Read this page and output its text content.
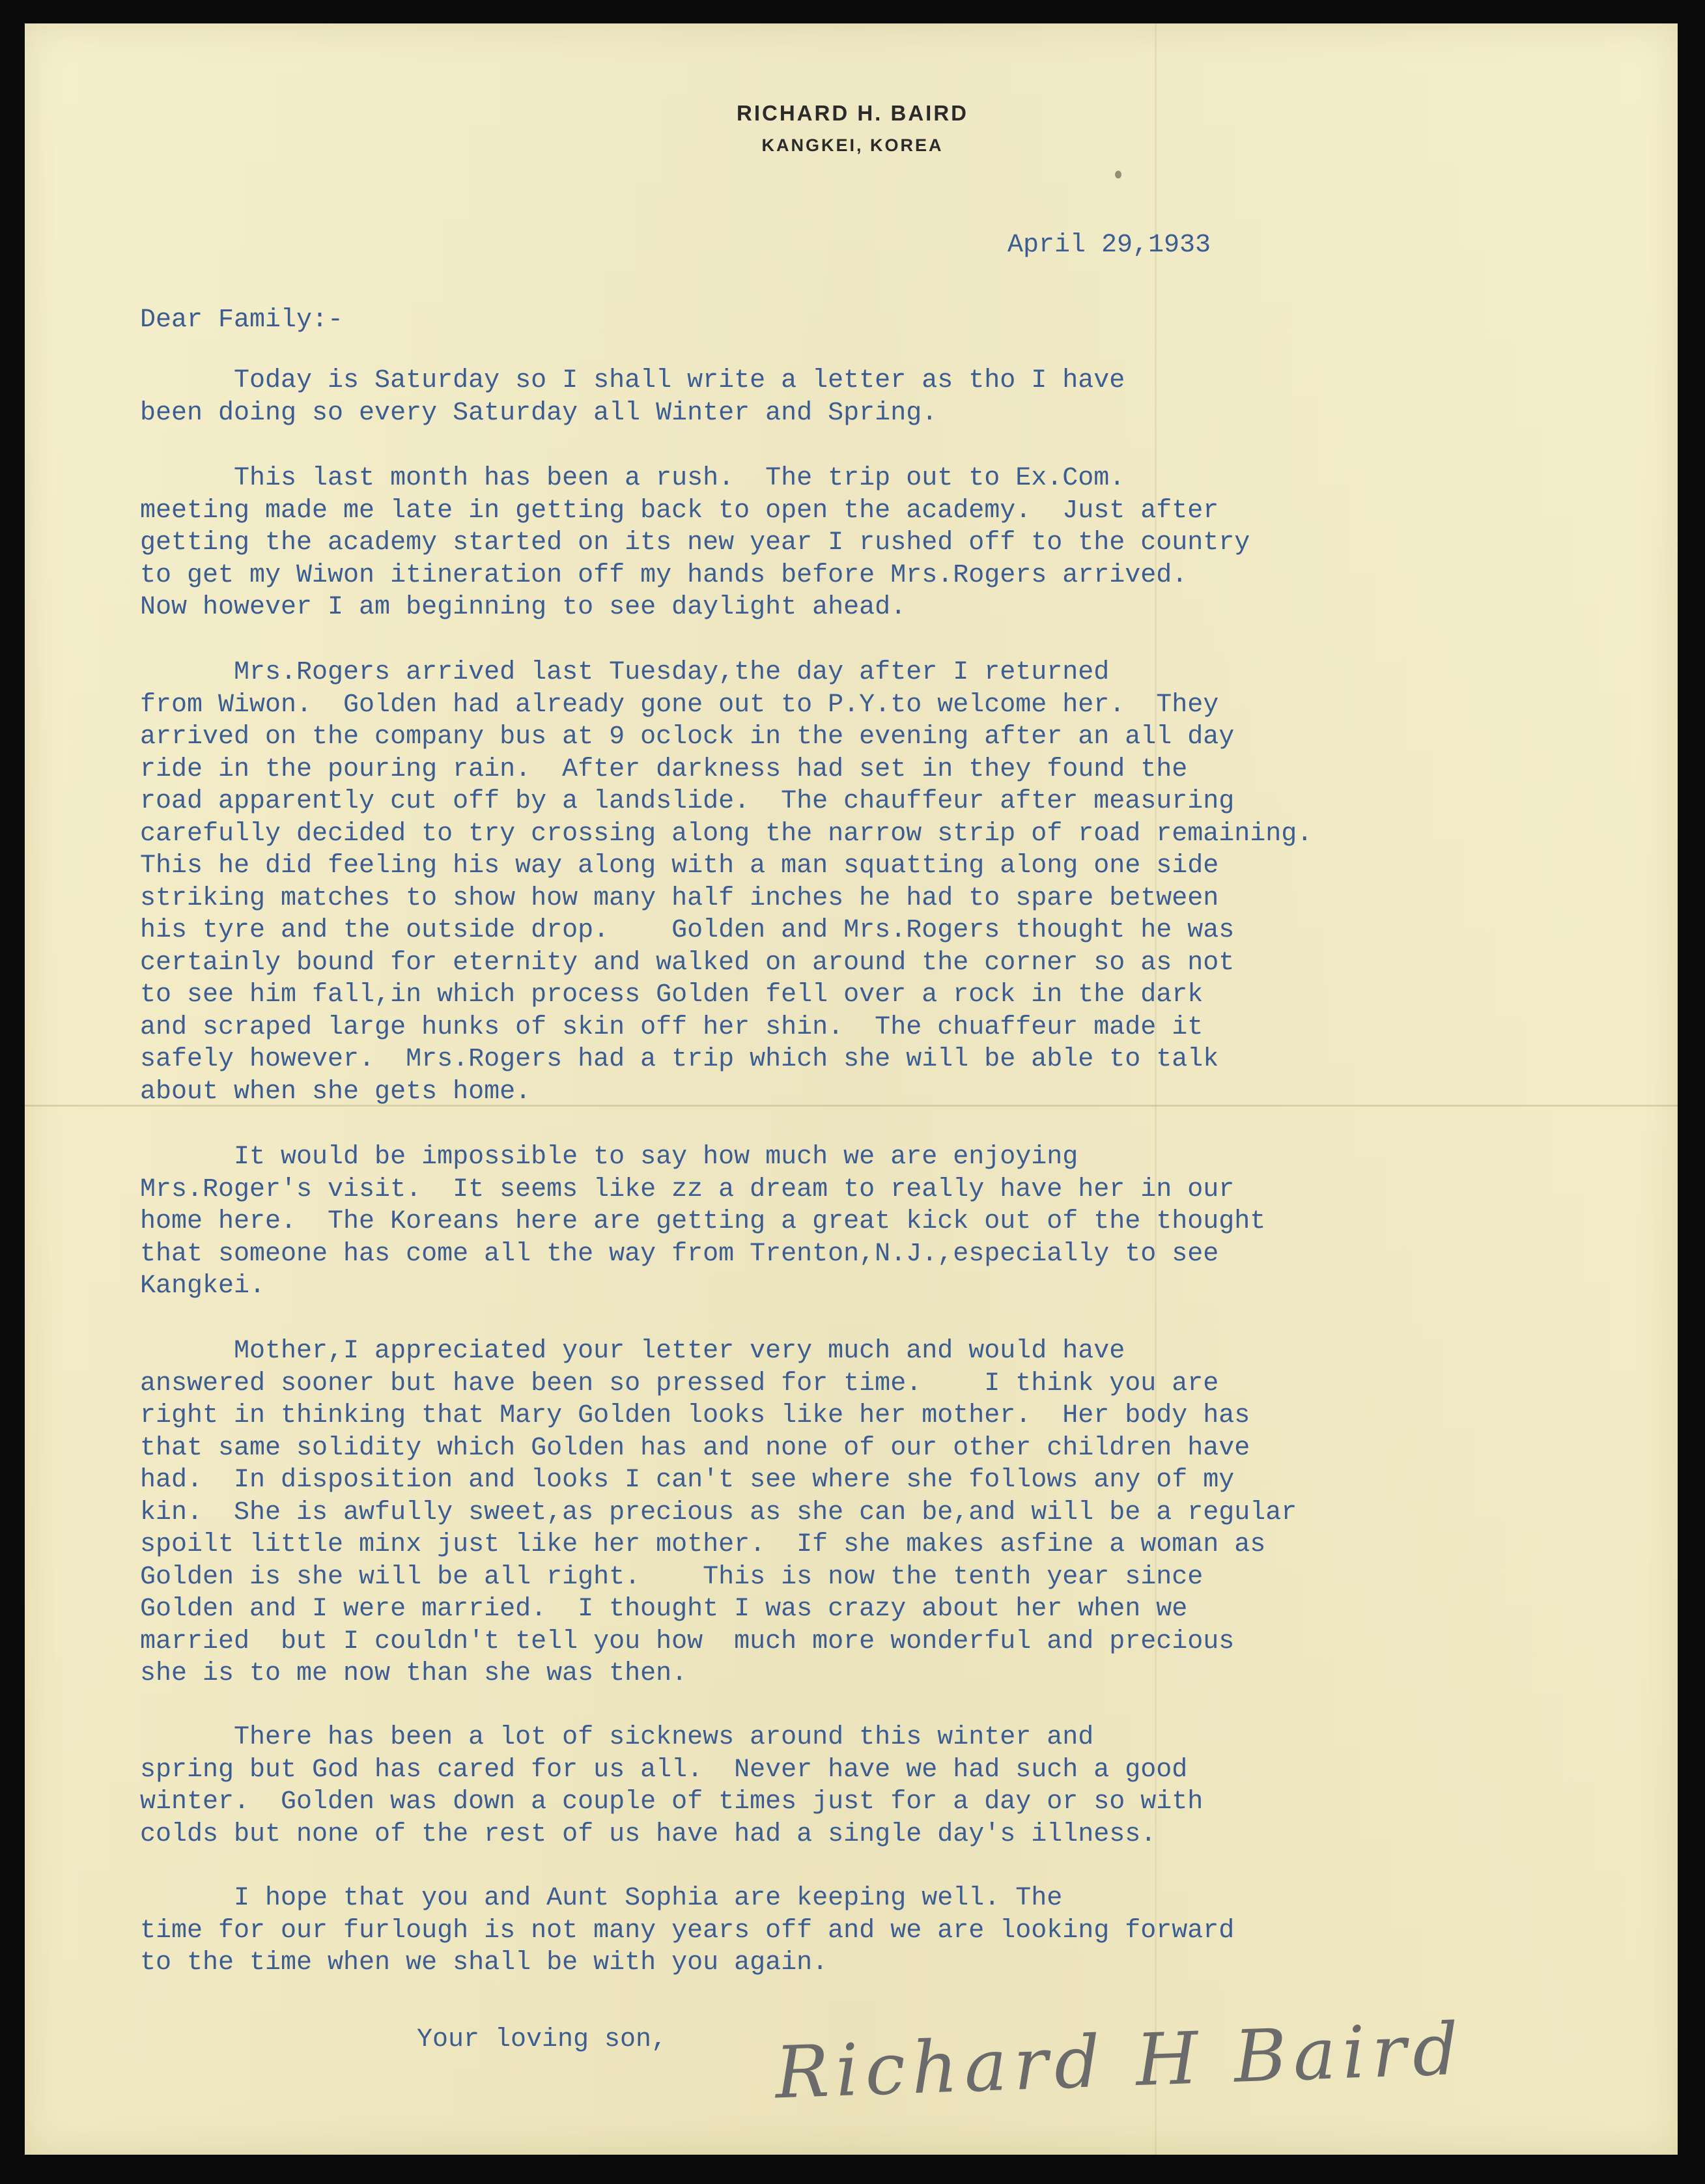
RICHARD H. BAIRD
KANGKEI, KOREA
April 29,1933
Dear Family:-
Today is Saturday so I shall write a letter as tho I have
been doing so every Saturday all Winter and Spring.
This last month has been a rush.  The trip out to Ex.Com.
meeting made me late in getting back to open the academy.  Just after
getting the academy started on its new year I rushed off to the country
to get my Wiwon itineration off my hands before Mrs.Rogers arrived.
Now however I am beginning to see daylight ahead.
Mrs.Rogers arrived last Tuesday,the day after I returned
from Wiwon.  Golden had already gone out to P.Y.to welcome her.  They
arrived on the company bus at 9 oclock in the evening after an all day
ride in the pouring rain.  After darkness had set in they found the
road apparently cut off by a landslide.  The chauffeur after measuring
carefully decided to try crossing along the narrow strip of road remaining.
This he did feeling his way along with a man squatting along one side
striking matches to show how many half inches he had to spare between
his tyre and the outside drop.    Golden and Mrs.Rogers thought he was
certainly bound for eternity and walked on around the corner so as not
to see him fall,in which process Golden fell over a rock in the dark
and scraped large hunks of skin off her shin.  The chuaffeur made it
safely however.  Mrs.Rogers had a trip which she will be able to talk
about when she gets home.
It would be impossible to say how much we are enjoying
Mrs.Roger's visit.  It seems like zz a dream to really have her in our
home here.  The Koreans here are getting a great kick out of the thought
that someone has come all the way from Trenton,N.J.,especially to see
Kangkei.
Mother,I appreciated your letter very much and would have
answered sooner but have been so pressed for time.    I think you are
right in thinking that Mary Golden looks like her mother.  Her body has
that same solidity which Golden has and none of our other children have
had.  In disposition and looks I can't see where she follows any of my
kin.  She is awfully sweet,as precious as she can be,and will be a regular
spoilt little minx just like her mother.  If she makes asfine a woman as
Golden is she will be all right.    This is now the tenth year since
Golden and I were married.  I thought I was crazy about her when we
married  but I couldn't tell you how  much more wonderful and precious
she is to me now than she was then.
There has been a lot of sicknews around this winter and
spring but God has cared for us all.  Never have we had such a good
winter.  Golden was down a couple of times just for a day or so with
colds but none of the rest of us have had a single day's illness.
I hope that you and Aunt Sophia are keeping well. The
time for our furlough is not many years off and we are looking forward
to the time when we shall be with you again.
Your loving son, Richard H Baird
